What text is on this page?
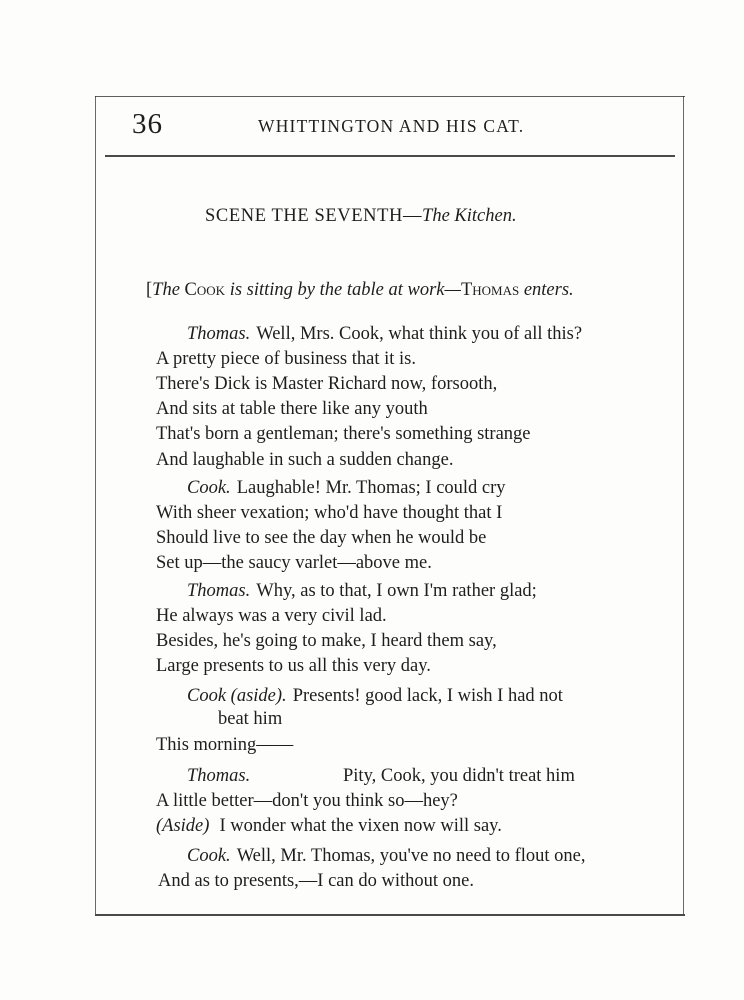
36	WHITTINGTON AND HIS CAT.
SCENE THE SEVENTH—The Kitchen.
[The Cook is sitting by the table at work—Thomas enters.
Thomas. Well, Mrs. Cook, what think you of all this?
A pretty piece of business that it is.
There's Dick is Master Richard now, forsooth,
And sits at table there like any youth
That's born a gentleman; there's something strange
And laughable in such a sudden change.
Cook. Laughable! Mr. Thomas; I could cry
With sheer vexation; who'd have thought that I
Should live to see the day when he would be
Set up—the saucy varlet—above me.
Thomas. Why, as to that, I own I'm rather glad;
He always was a very civil lad.
Besides, he's going to make, I heard them say,
Large presents to us all this very day.
Cook (aside). Presents! good lack, I wish I had not
beat him
This morning——
Thomas.	Pity, Cook, you didn't treat him
A little better—don't you think so—hey?
(Aside) I wonder what the vixen now will say.
Cook. Well, Mr. Thomas, you've no need to flout one,
And as to presents,—I can do without one.
